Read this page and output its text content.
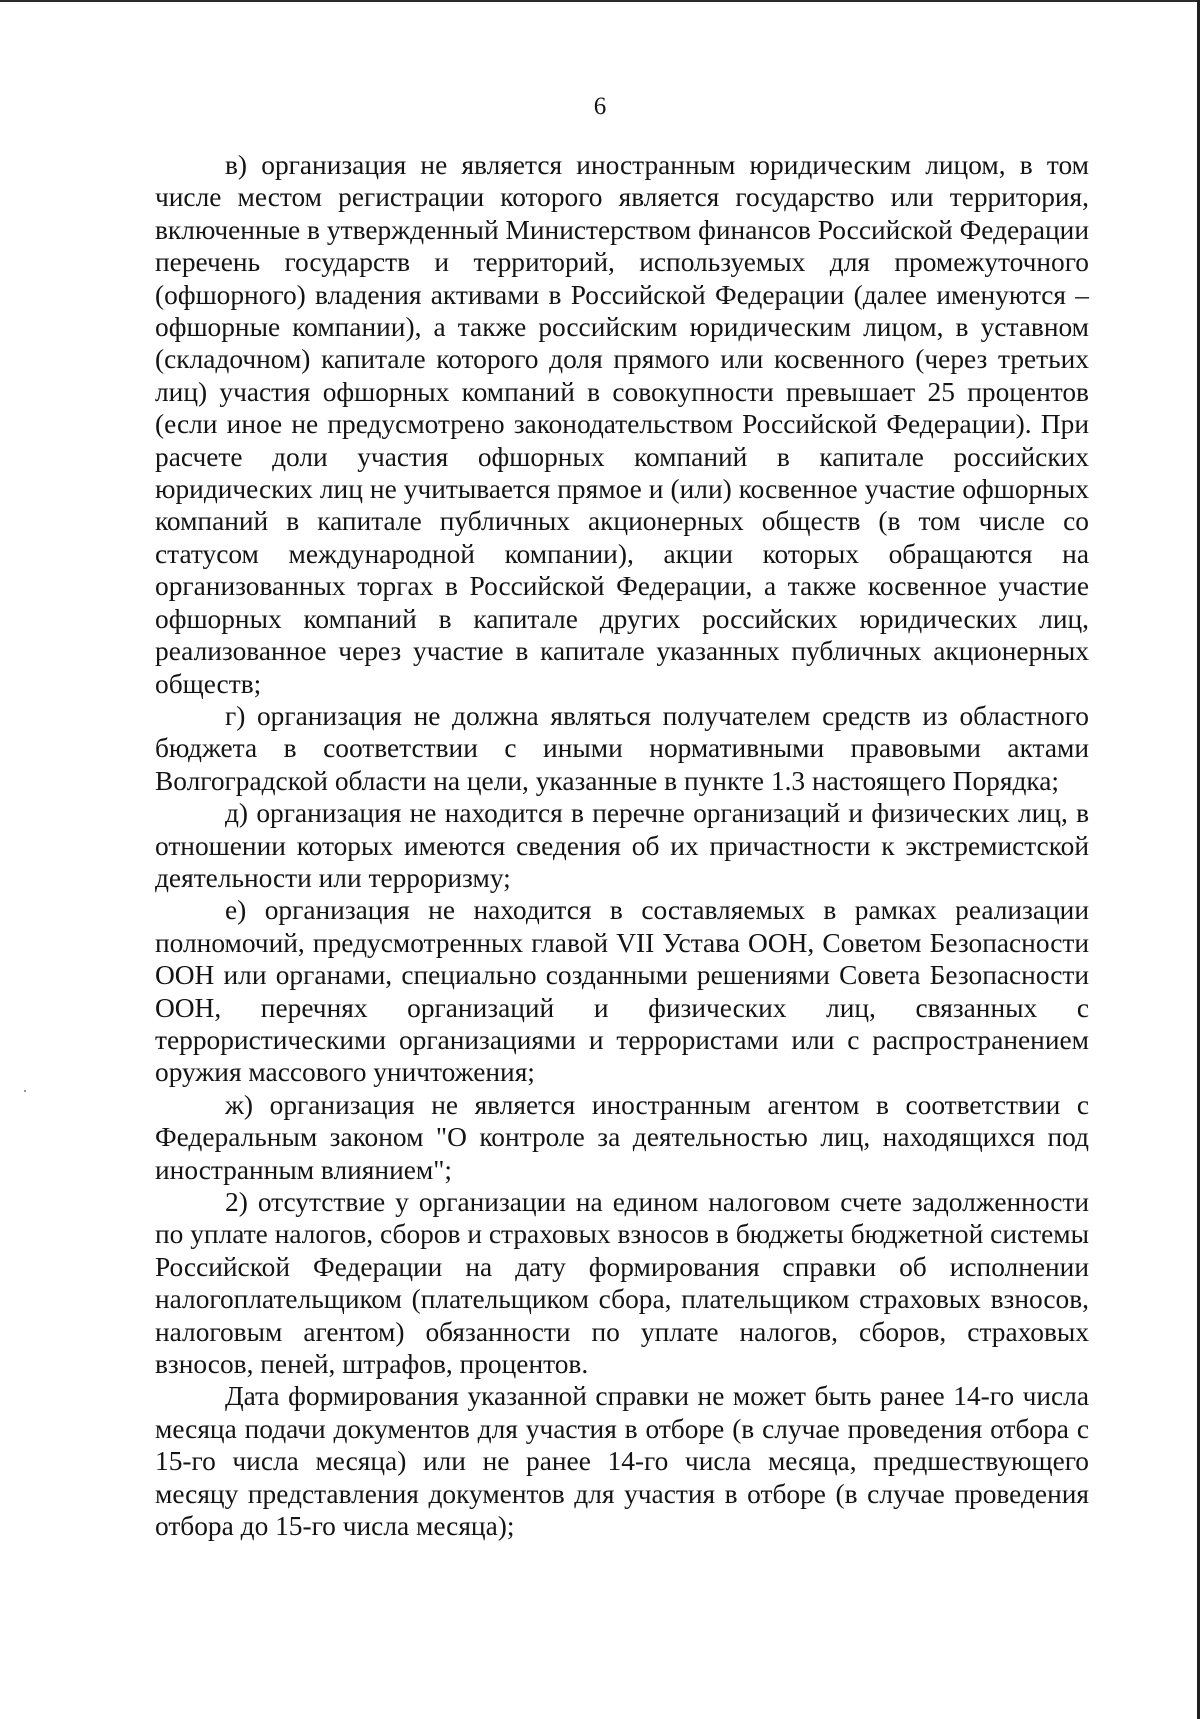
6

в) организация не является иностранным юридическим лицом, в том числе местом регистрации которого является государство или территория, включенные в утвержденный Министерством финансов Российской Федерации перечень государств и территорий, используемых для промежуточного (офшорного) владения активами в Российской Федерации (далее именуются – офшорные компании), а также российским юридическим лицом, в уставном (складочном) капитале которого доля прямого или косвенного (через третьих лиц) участия офшорных компаний в совокупности превышает 25 процентов (если иное не предусмотрено законодательством Российской Федерации). При расчете доли участия офшорных компаний в капитале российских юридических лиц не учитывается прямое и (или) косвенное участие офшорных компаний в капитале публичных акционерных обществ (в том числе со статусом международной компании), акции которых обращаются на организованных торгах в Российской Федерации, а также косвенное участие офшорных компаний в капитале других российских юридических лиц, реализованное через участие в капитале указанных публичных акционерных обществ;

г) организация не должна являться получателем средств из областного бюджета в соответствии с иными нормативными правовыми актами Волгоградской области на цели, указанные в пункте 1.3 настоящего Порядка;

д) организация не находится в перечне организаций и физических лиц, в отношении которых имеются сведения об их причастности к экстремистской деятельности или терроризму;

е) организация не находится в составляемых в рамках реализации полномочий, предусмотренных главой VII Устава ООН, Советом Безопасности ООН или органами, специально созданными решениями Совета Безопасности ООН, перечнях организаций и физических лиц, связанных с террористическими организациями и террористами или с распространением оружия массового уничтожения;

ж) организация не является иностранным агентом в соответствии с Федеральным законом "О контроле за деятельностью лиц, находящихся под иностранным влиянием";

2) отсутствие у организации на едином налоговом счете задолженности по уплате налогов, сборов и страховых взносов в бюджеты бюджетной системы Российской Федерации на дату формирования справки об исполнении налогоплательщиком (плательщиком сбора, плательщиком страховых взносов, налоговым агентом) обязанности по уплате налогов, сборов, страховых взносов, пеней, штрафов, процентов.

Дата формирования указанной справки не может быть ранее 14-го числа месяца подачи документов для участия в отборе (в случае проведения отбора с 15-го числа месяца) или не ранее 14-го числа месяца, предшествующего месяцу представления документов для участия в отборе (в случае проведения отбора до 15-го числа месяца);
